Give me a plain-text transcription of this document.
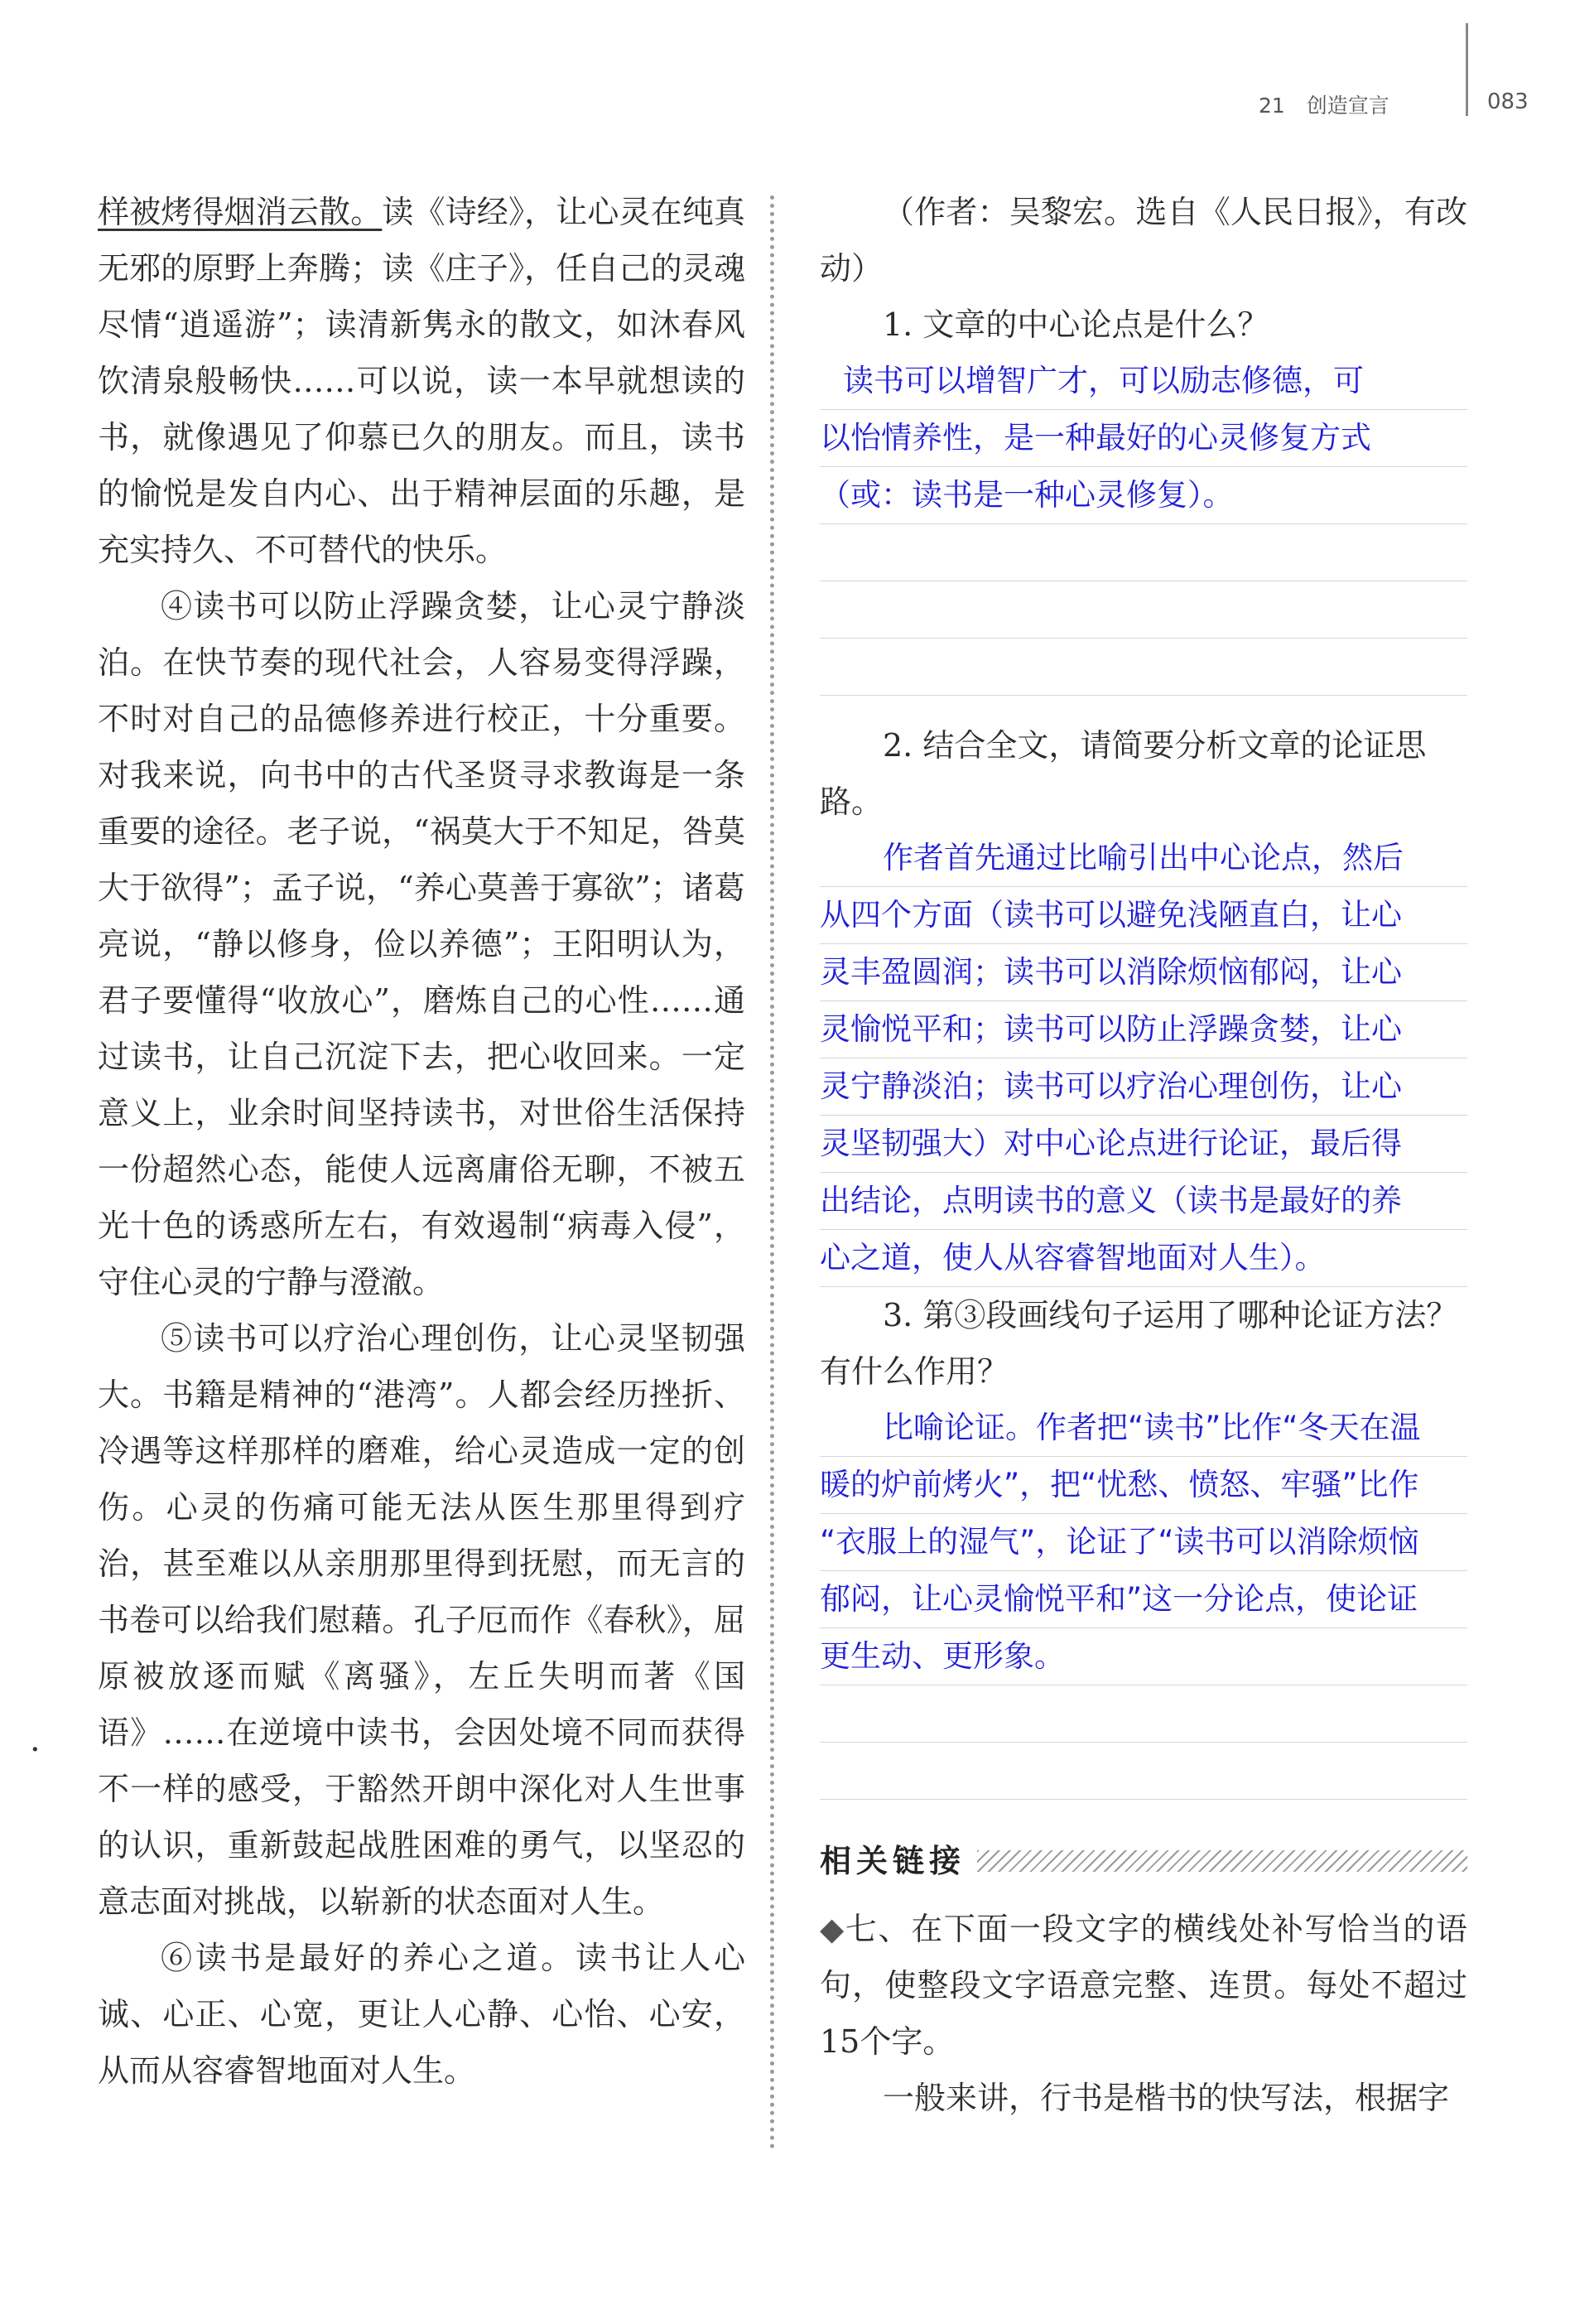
21 创造宣言	083

样被烤得烟消云散。读《诗经》，让心灵在纯真无邪的原野上奔腾；读《庄子》，任自己的灵魂尽情“逍遥游”；读清新隽永的散文，如沐春风饮清泉般畅快……可以说，读一本早就想读的书，就像遇见了仰慕已久的朋友。而且，读书的愉悦是发自内心、出于精神层面的乐趣，是充实持久、不可替代的快乐。

④读书可以防止浮躁贪婪，让心灵宁静淡泊。在快节奏的现代社会，人容易变得浮躁，不时对自己的品德修养进行校正，十分重要。对我来说，向书中的古代圣贤寻求教诲是一条重要的途径。老子说，“祸莫大于不知足，咎莫大于欲得”；孟子说，“养心莫善于寡欲”；诸葛亮说，“静以修身，俭以养德”；王阳明认为，君子要懂得“收放心”，磨炼自己的心性……通过读书，让自己沉淀下去，把心收回来。一定意义上，业余时间坚持读书，对世俗生活保持一份超然心态，能使人远离庸俗无聊，不被五光十色的诱惑所左右，有效遏制“病毒入侵”，守住心灵的宁静与澄澈。

⑤读书可以疗治心理创伤，让心灵坚韧强大。书籍是精神的“港湾”。人都会经历挫折、冷遇等这样那样的磨难，给心灵造成一定的创伤。心灵的伤痛可能无法从医生那里得到疗治，甚至难以从亲朋那里得到抚慰，而无言的书卷可以给我们慰藉。孔子厄而作《春秋》，屈原被放逐而赋《离骚》，左丘失明而著《国语》……在逆境中读书，会因处境不同而获得不一样的感受，于豁然开朗中深化对人生世事的认识，重新鼓起战胜困难的勇气，以坚忍的意志面对挑战，以崭新的状态面对人生。

⑥读书是最好的养心之道。读书让人心诚、心正、心宽，更让人心静、心怡、心安，从而从容睿智地面对人生。

·

（作者：吴黎宏。选自《人民日报》，有改动）

1. 文章的中心论点是什么？

读书可以增智广才，可以励志修德，可
以怡情养性，是一种最好的心灵修复方式
（或：读书是一种心灵修复）。

2. 结合全文，请简要分析文章的论证思路。

作者首先通过比喻引出中心论点，然后
从四个方面（读书可以避免浅陋直白，让心
灵丰盈圆润；读书可以消除烦恼郁闷，让心
灵愉悦平和；读书可以防止浮躁贪婪，让心
灵宁静淡泊；读书可以疗治心理创伤，让心
灵坚韧强大）对中心论点进行论证，最后得
出结论，点明读书的意义（读书是最好的养
心之道，使人从容睿智地面对人生）。

3. 第③段画线句子运用了哪种论证方法？有什么作用？

比喻论证。作者把“读书”比作“冬天在温
暖的炉前烤火”，把“忧愁、愤怒、牢骚”比作
“衣服上的湿气”，论证了“读书可以消除烦恼
郁闷，让心灵愉悦平和”这一分论点，使论证
更生动、更形象。
相关链接

◆七、在下面一段文字的横线处补写恰当的语句，使整段文字语意完整、连贯。每处不超过15个字。

一般来讲，行书是楷书的快写法，根据字
